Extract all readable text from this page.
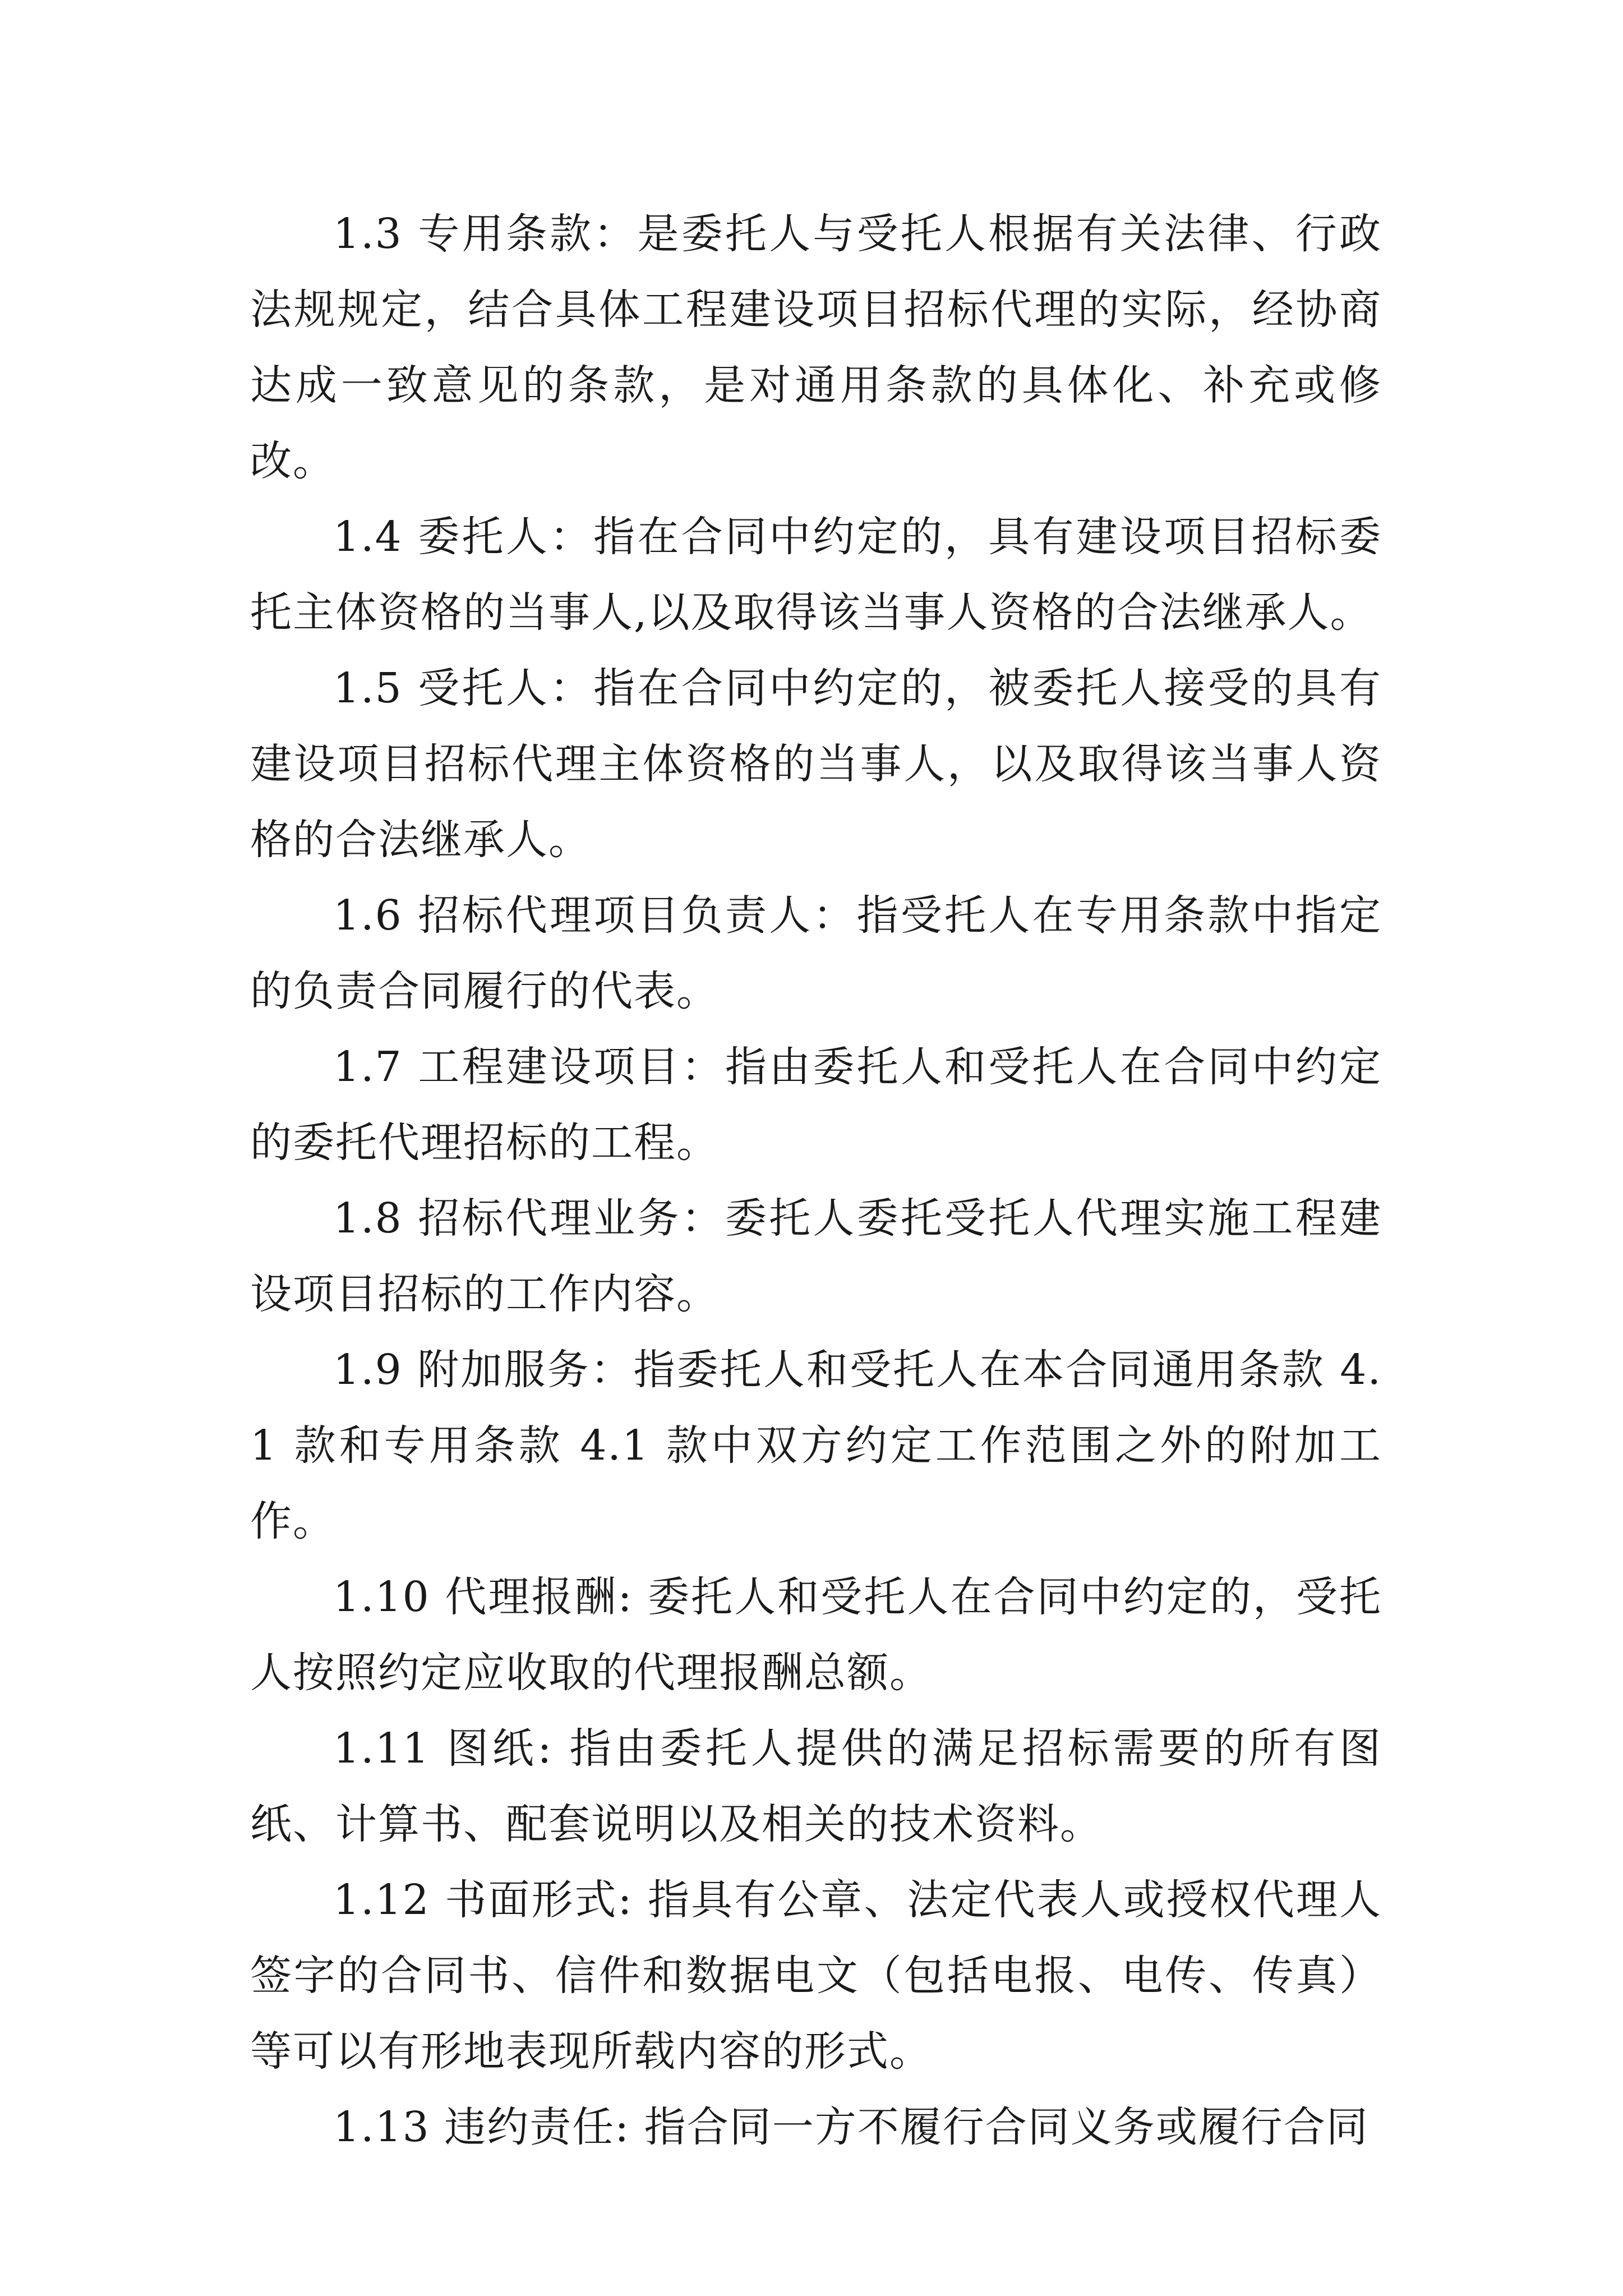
1.3 专用条款：是委托人与受托人根据有关法律、行政法规规定，结合具体工程建设项目招标代理的实际，经协商达成一致意见的条款，是对通用条款的具体化、补充或修改。

1.4 委托人：指在合同中约定的，具有建设项目招标委托主体资格的当事人,以及取得该当事人资格的合法继承人。

1.5 受托人：指在合同中约定的，被委托人接受的具有建设项目招标代理主体资格的当事人，以及取得该当事人资格的合法继承人。

1.6 招标代理项目负责人：指受托人在专用条款中指定的负责合同履行的代表。

1.7 工程建设项目：指由委托人和受托人在合同中约定的委托代理招标的工程。

1.8 招标代理业务：委托人委托受托人代理实施工程建设项目招标的工作内容。

1.9 附加服务：指委托人和受托人在本合同通用条款 4.1 款和专用条款 4.1 款中双方约定工作范围之外的附加工作。

1.10 代理报酬: 委托人和受托人在合同中约定的，受托人按照约定应收取的代理报酬总额。

1.11 图纸: 指由委托人提供的满足招标需要的所有图纸、计算书、配套说明以及相关的技术资料。

1.12 书面形式: 指具有公章、法定代表人或授权代理人签字的合同书、信件和数据电文（包括电报、电传、传真）等可以有形地表现所载内容的形式。

1.13 违约责任: 指合同一方不履行合同义务或履行合同
